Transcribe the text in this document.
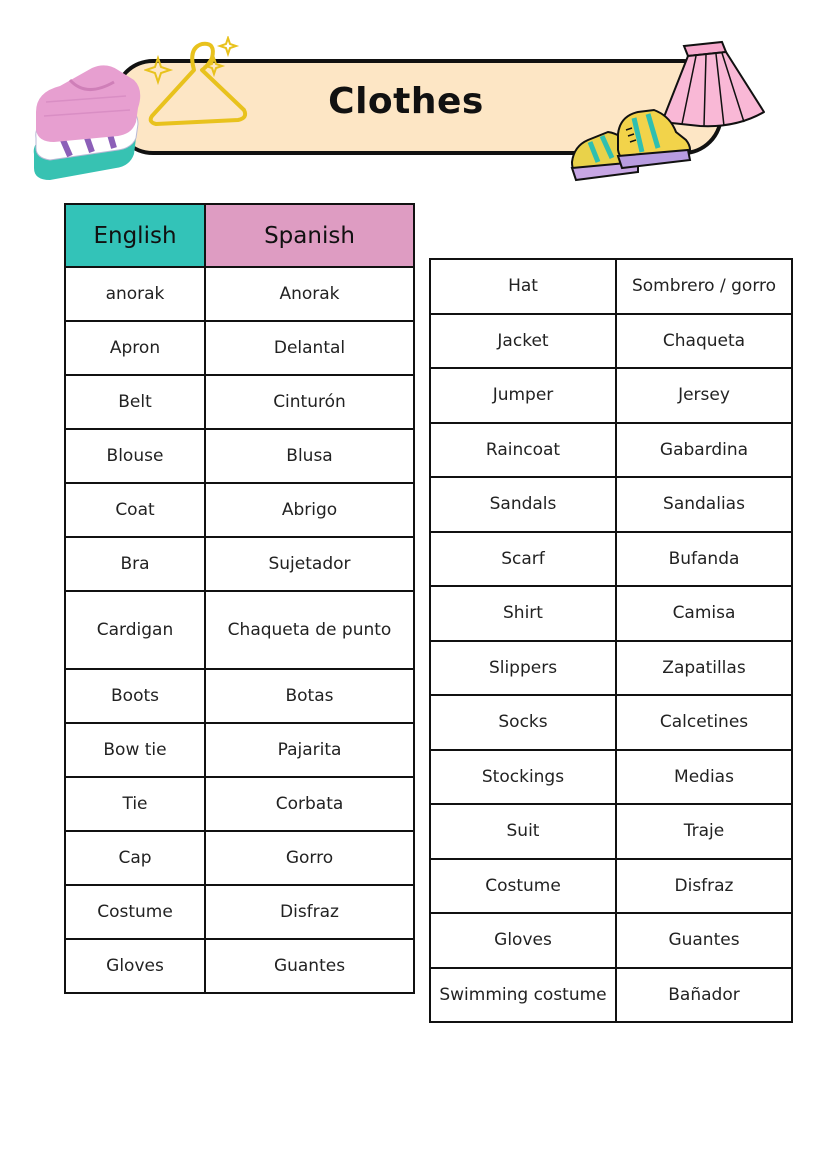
Clothes
English	Spanish
anorak	Anorak
Apron	Delantal
Belt	Cinturón
Blouse	Blusa
Coat	Abrigo
Bra	Sujetador
Cardigan	Chaqueta de punto
Boots	Botas
Bow tie	Pajarita
Tie	Corbata
Cap	Gorro
Costume	Disfraz
Gloves	Guantes
Hat	Sombrero / gorro
Jacket	Chaqueta
Jumper	Jersey
Raincoat	Gabardina
Sandals	Sandalias
Scarf	Bufanda
Shirt	Camisa
Slippers	Zapatillas
Socks	Calcetines
Stockings	Medias
Suit	Traje
Costume	Disfraz
Gloves	Guantes
Swimming costume	Bañador
